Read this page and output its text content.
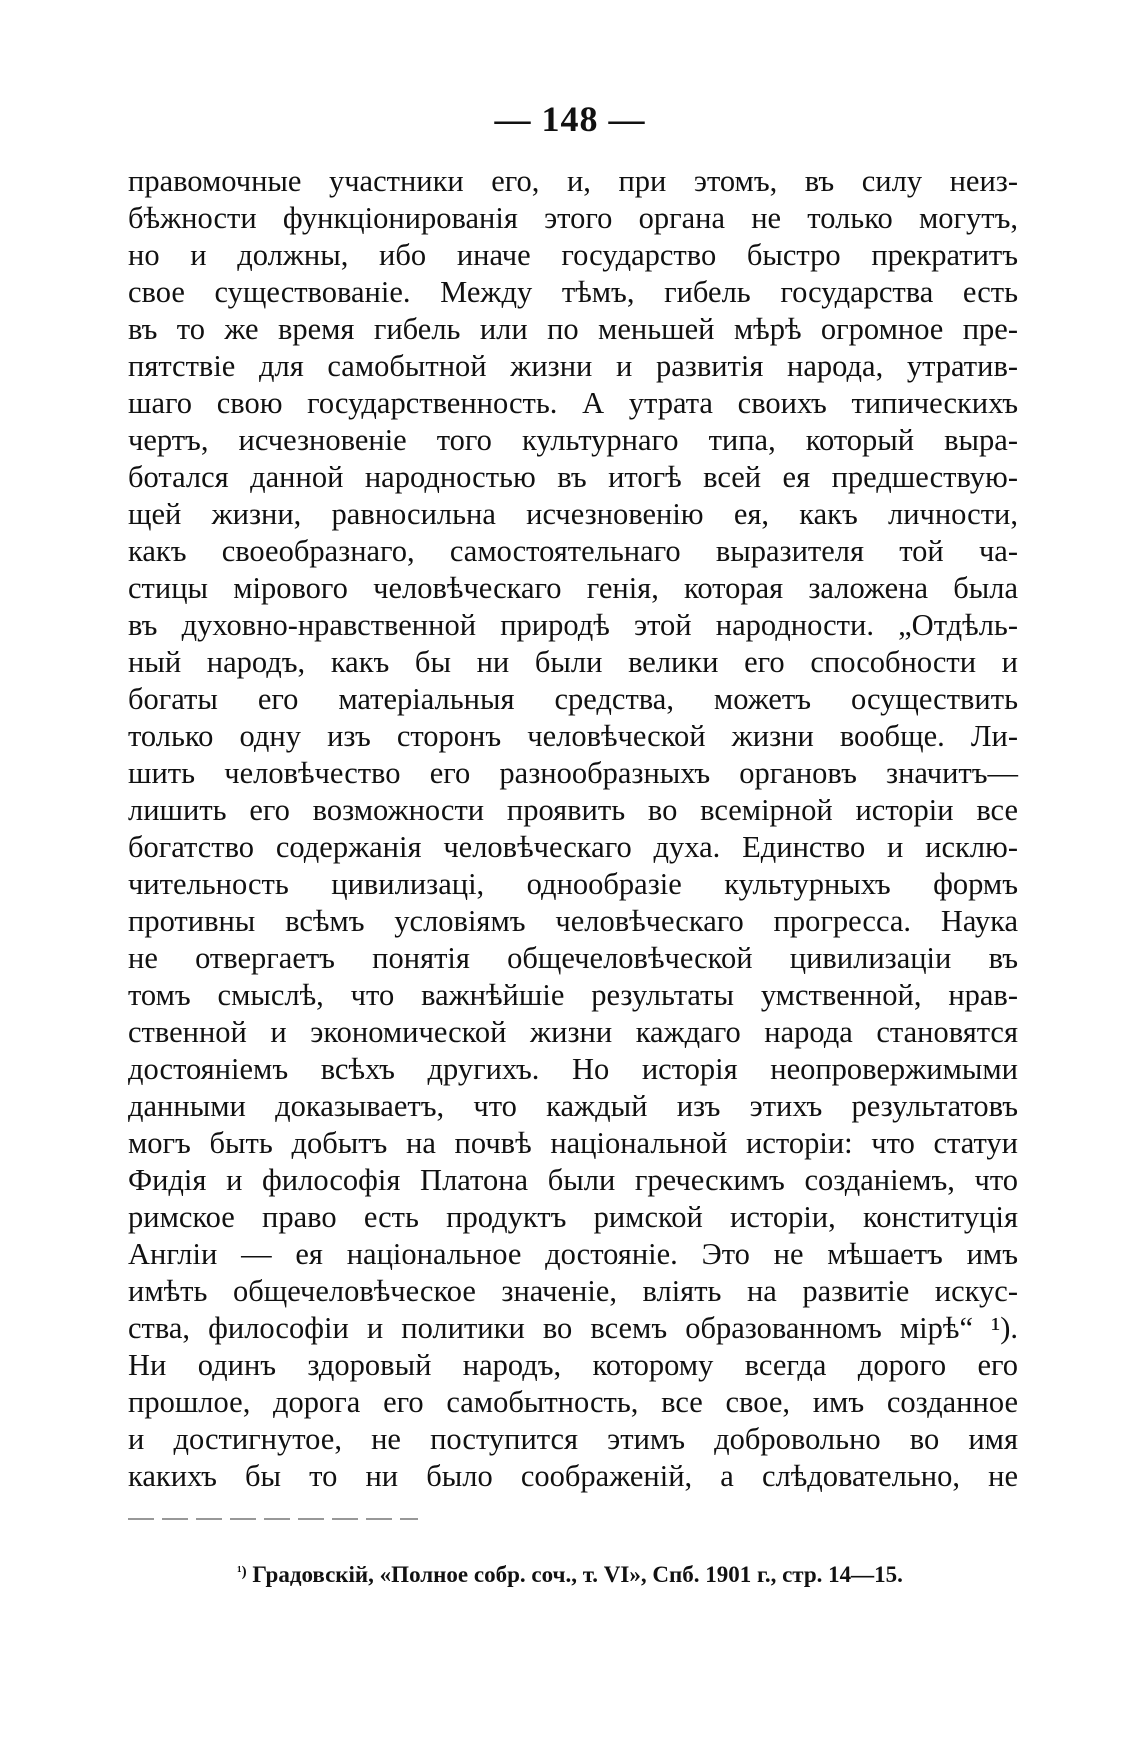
— 148 —
правомочные участники его, и, при этомъ, въ силу неиз-
бѣжности функцiонированiя этого органа не только могутъ,
но и должны, ибо иначе государство быстро прекратитъ
свое существованiе. Между тѣмъ, гибель государства есть
въ то же время гибель или по меньшей мѣрѣ огромное пре-
пятствiе для самобытной жизни и развитiя народа, утратив-
шаго свою государственность. А утрата своихъ типическихъ
чертъ, исчезновенiе того культурнаго типа, который выра-
ботался данной народностью въ итогѣ всей ея предшествую-
щей жизни, равносильна исчезновенiю ея, какъ личности,
какъ своеобразнаго, самостоятельнаго выразителя той ча-
стицы мiрового человѣческаго генiя, которая заложена была
въ духовно-нравственной природѣ этой народности. „Отдѣль-
ный народъ, какъ бы ни были велики его способности и
богаты его матерiальныя средства, можетъ осуществить
только одну изъ сторонъ человѣческой жизни вообще. Ли-
шить человѣчество его разнообразныхъ органовъ значитъ—
лишить его возможности проявить во всемiрной исторiи все
богатство содержанiя человѣческаго духа. Единство и исклю-
чительность цивилизацi, однообразiе культурныхъ формъ
противны всѣмъ условiямъ человѣческаго прогресса. Наука
не отвергаетъ понятiя общечеловѣческой цивилизацiи въ
томъ смыслѣ, что важнѣйшiе результаты умственной, нрав-
ственной и экономической жизни каждаго народа становятся
достоянiемъ всѣхъ другихъ. Но исторiя неопровержимыми
данными доказываетъ, что каждый изъ этихъ результатовъ
могъ быть добытъ на почвѣ нацiональной исторiи: что статуи
Фидiя и философiя Платона были греческимъ созданiемъ, что
римское право есть продуктъ римской исторiи, конституцiя
Англiи — ея нацiональное достоянiе. Это не мѣшаетъ имъ
имѣть общечеловѣческое значенiе, влiять на развитiе искус-
ства, философiи и политики во всемъ образованномъ мiрѣ“ ¹).
Ни одинъ здоровый народъ, которому всегда дорого его
прошлое, дорога его самобытность, все свое, имъ созданное
и достигнутое, не поступится этимъ добровольно во имя
какихъ бы то ни было соображенiй, а слѣдовательно, не
$^{^1)}$ Градовскiй, «Полное собр. соч., т. VI», Спб. 1901 г., стр. 14—15.
